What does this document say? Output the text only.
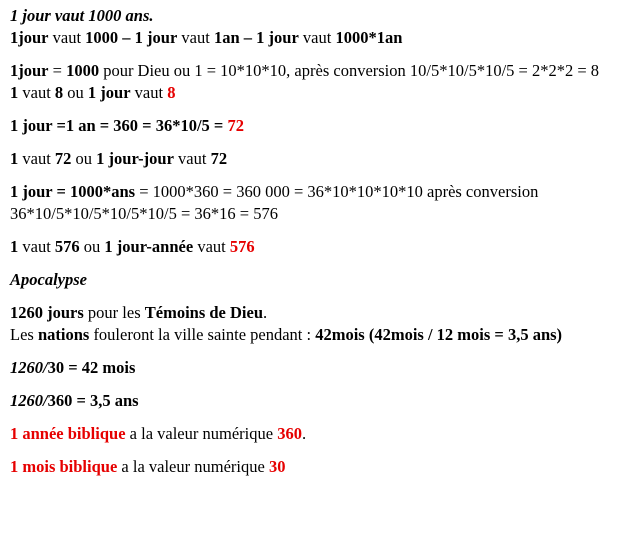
1 jour vaut 1000 ans.

1jour vaut 1000 – 1 jour vaut 1an – 1 jour vaut 1000*1an

1jour = 1000 pour Dieu ou 1 = 10*10*10, après conversion 10/5*10/5*10/5 = 2*2*2 = 8

1 vaut 8 ou 1 jour vaut 8

1 jour =1 an = 360 = 36*10/5 = 72

1 vaut 72 ou 1 jour-jour vaut 72

1 jour = 1000*ans = 1000*360 = 360 000 = 36*10*10*10*10 après conversion 36*10/5*10/5*10/5*10/5 = 36*16 = 576

1 vaut 576 ou 1 jour-année vaut 576

Apocalypse

1260 jours pour les Témoins de Dieu.

Les nations fouleront la ville sainte pendant : 42mois (42mois / 12 mois = 3,5 ans)

1260/30 = 42 mois

1260/360 = 3,5 ans

1 année biblique a la valeur numérique 360.

1 mois biblique a la valeur numérique 30
